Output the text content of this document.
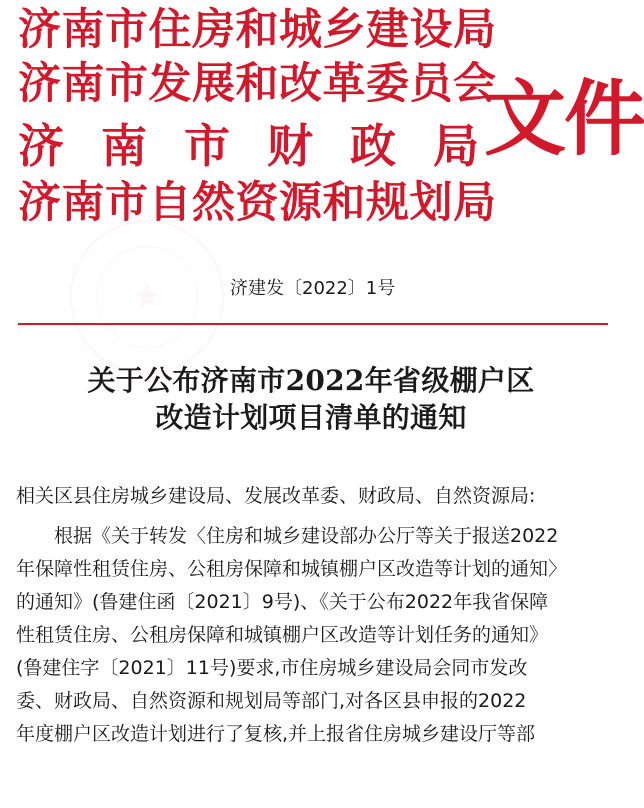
★
济南市住房和城乡建设局
济南市发展和改革委员会
济南市财政局
济南市自然资源和规划局
文件

济建发〔2022〕1号

关于公布济南市2022年省级棚户区

改造计划项目清单的通知

相关区县住房城乡建设局、发展改革委、财政局、自然资源局:

根据《关于转发〈住房和城乡建设部办公厅等关于报送2022

年保障性租赁住房、公租房保障和城镇棚户区改造等计划的通知〉

的通知》(鲁建住函〔2021〕9号)、《关于公布2022年我省保障

性租赁住房、公租房保障和城镇棚户区改造等计划任务的通知》

(鲁建住字〔2021〕11号)要求,市住房城乡建设局会同市发改

委、财政局、自然资源和规划局等部门,对各区县申报的2022

年度棚户区改造计划进行了复核,并上报省住房城乡建设厅等部
